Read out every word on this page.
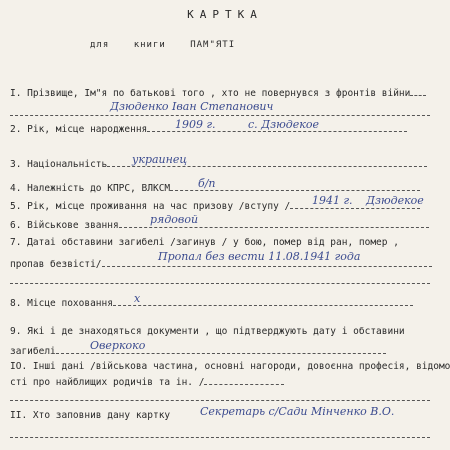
КАРТКА
для	книги	ПАМ"ЯТІ
I. Прізвище, Ім"я по батькові того , хто не повернувся з фронтів війни
Дзюденко Іван Степанович
2. Рік, місце народження	1909 г.	с. Дзюдекое
3. Національність	украинец
4. Належність до КПРС, ВЛКСМ	б/п
5. Рік, місце проживання на час призову /вступу /	1941 г. Дзюдекое
6. Військове звання	рядовой
7. Датаі обставини загибелі /загинув / у бою, помер від ран, помер ,
пропав безвісті/
Пропал без вести 11.08.1941 года
8. Місце поховання	х
9. Які і де знаходяться документи , що підтверджують дату і обставини
загибелі	Оверкоко
IO. Інші дані /військова частина, основні нагороди, довоєнна професія, відомо
сті про найблищих родичів та ін. /
II. Хто заповнив дану картку	Секретарь с/Сади Мінченко В.О.
